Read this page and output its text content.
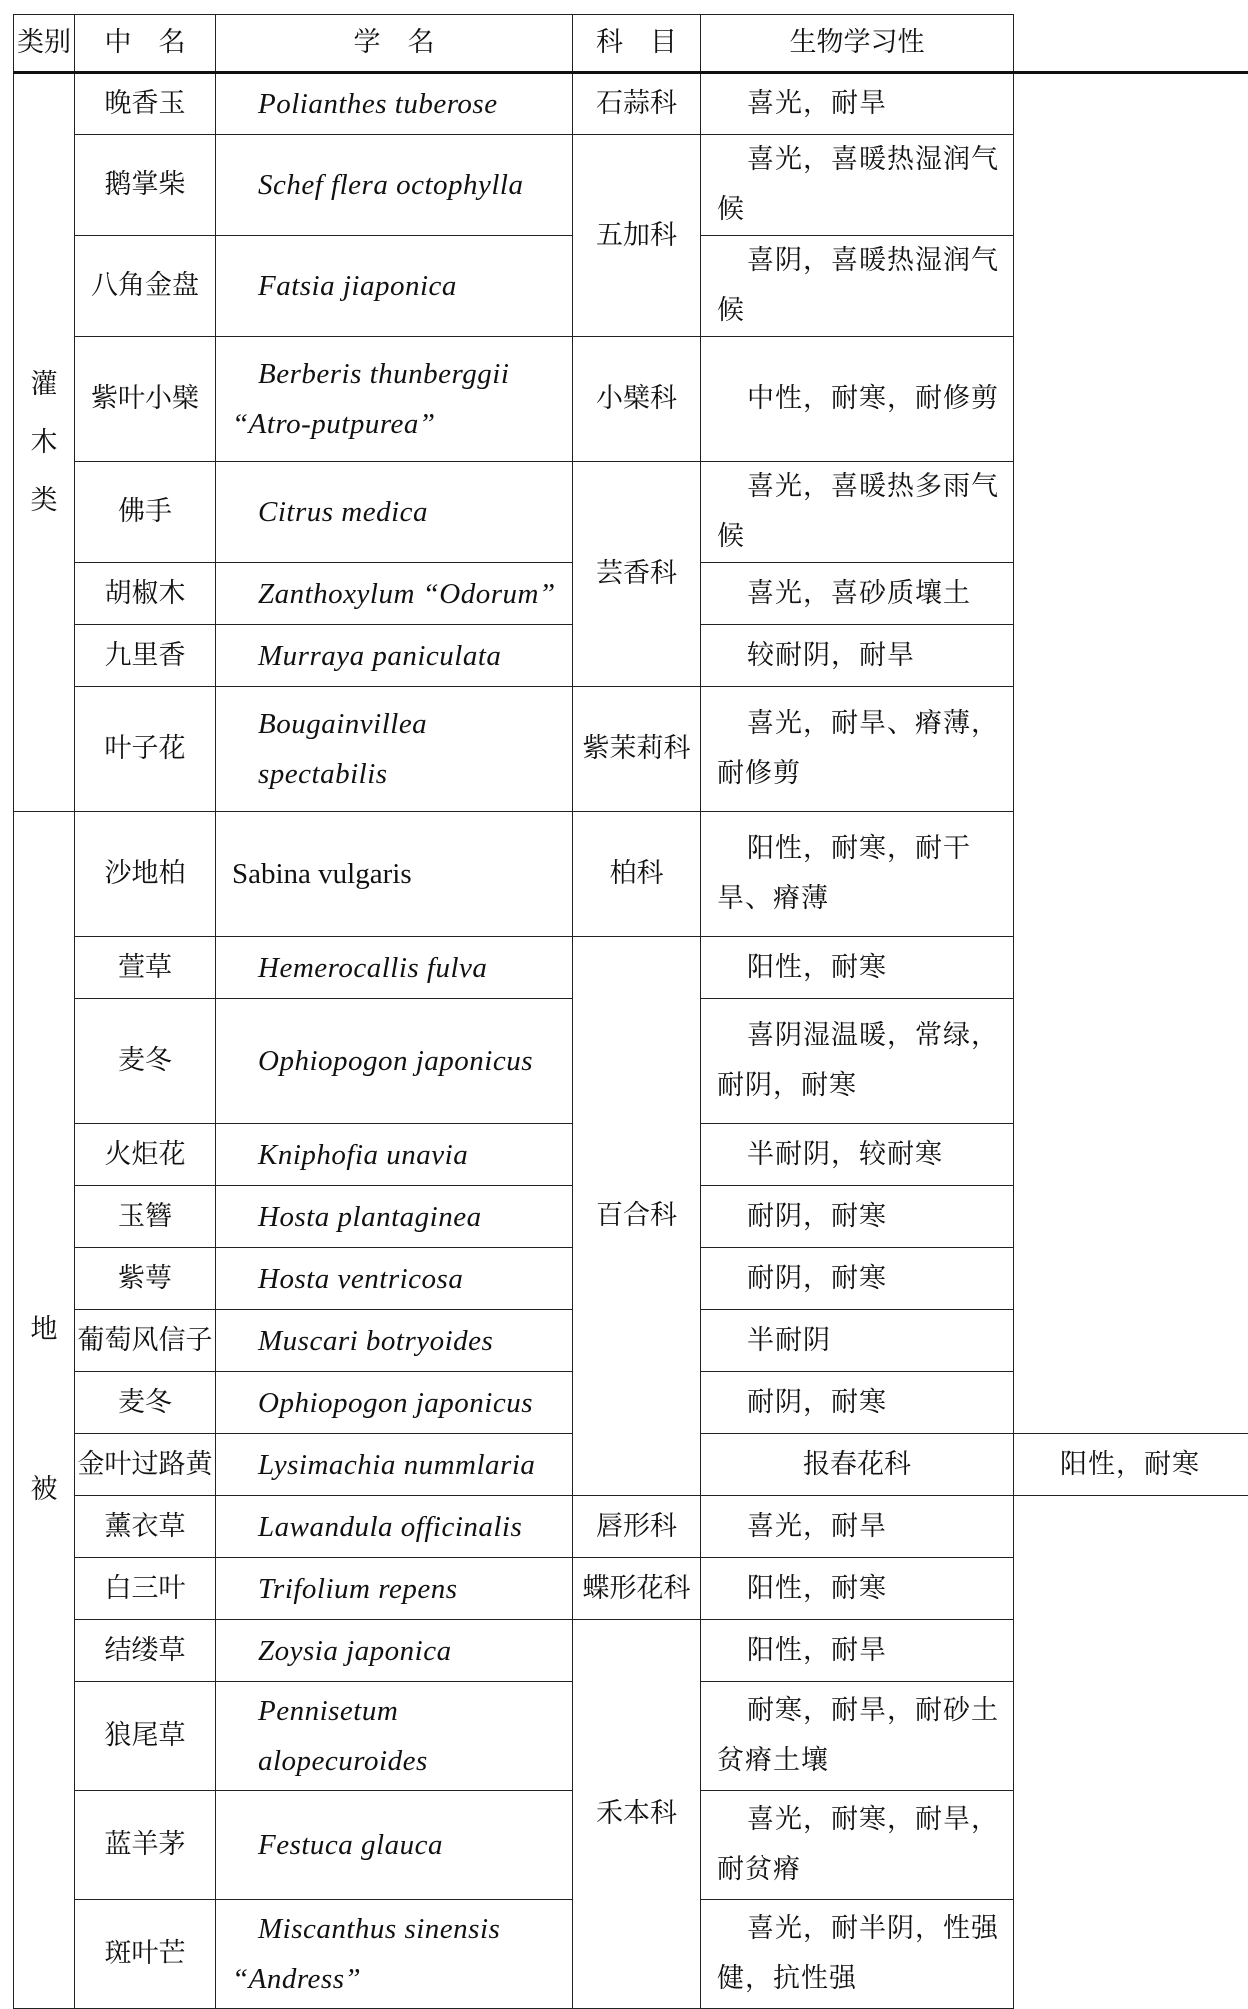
类别	中　名	学　名	科　目	生物学习性	
灌木类	晚香玉	Polianthes tuberose	石蒜科	喜光，耐旱	
	鹅掌柴	Schef flera octophylla	五加科	喜光，喜暖热湿润气候	
	八角金盘	Fatsia jiaponica		喜阴，喜暖热湿润气候	
	紫叶小檗	Berberis thunberggii “Atro-putpurea”	小檗科	中性，耐寒，耐修剪	
	佛手	Citrus medica	芸香科	喜光，喜暖热多雨气候	
	胡椒木	Zanthoxylum “Odorum”		喜光，喜砂质壤土	
	九里香	Murraya paniculata		较耐阴，耐旱	
	叶子花	Bougainvillea spectabilis	紫茉莉科	喜光，耐旱、瘠薄，耐修剪	
地被	沙地柏	Sabina vulgaris	柏科	阳性，耐寒，耐干旱、瘠薄	
	萱草	Hemerocallis fulva	百合科	阳性，耐寒	
	麦冬	Ophiopogon japonicus		喜阴湿温暖，常绿，耐阴，耐寒	
	火炬花	Kniphofia unavia		半耐阴，较耐寒	
	玉簪	Hosta plantaginea		耐阴，耐寒	
	紫萼	Hosta ventricosa		耐阴，耐寒	
	葡萄风信子	Muscari botryoides		半耐阴	
	麦冬	Ophiopogon japonicus		耐阴，耐寒	
	金叶过路黄	Lysimachia nummlaria		报春花科	阳性，耐寒
	薰衣草	Lawandula officinalis	唇形科	喜光，耐旱	
	白三叶	Trifolium repens	蝶形花科	阳性，耐寒	
	结缕草	Zoysia japonica	禾本科	阳性，耐旱	
	狼尾草	Pennisetum alopecuroides		耐寒，耐旱，耐砂土贫瘠土壤	
	蓝羊茅	Festuca glauca		喜光，耐寒，耐旱，耐贫瘠	
	斑叶芒	Miscanthus sinensis “Andress”		喜光，耐半阴，性强健，抗性强	
